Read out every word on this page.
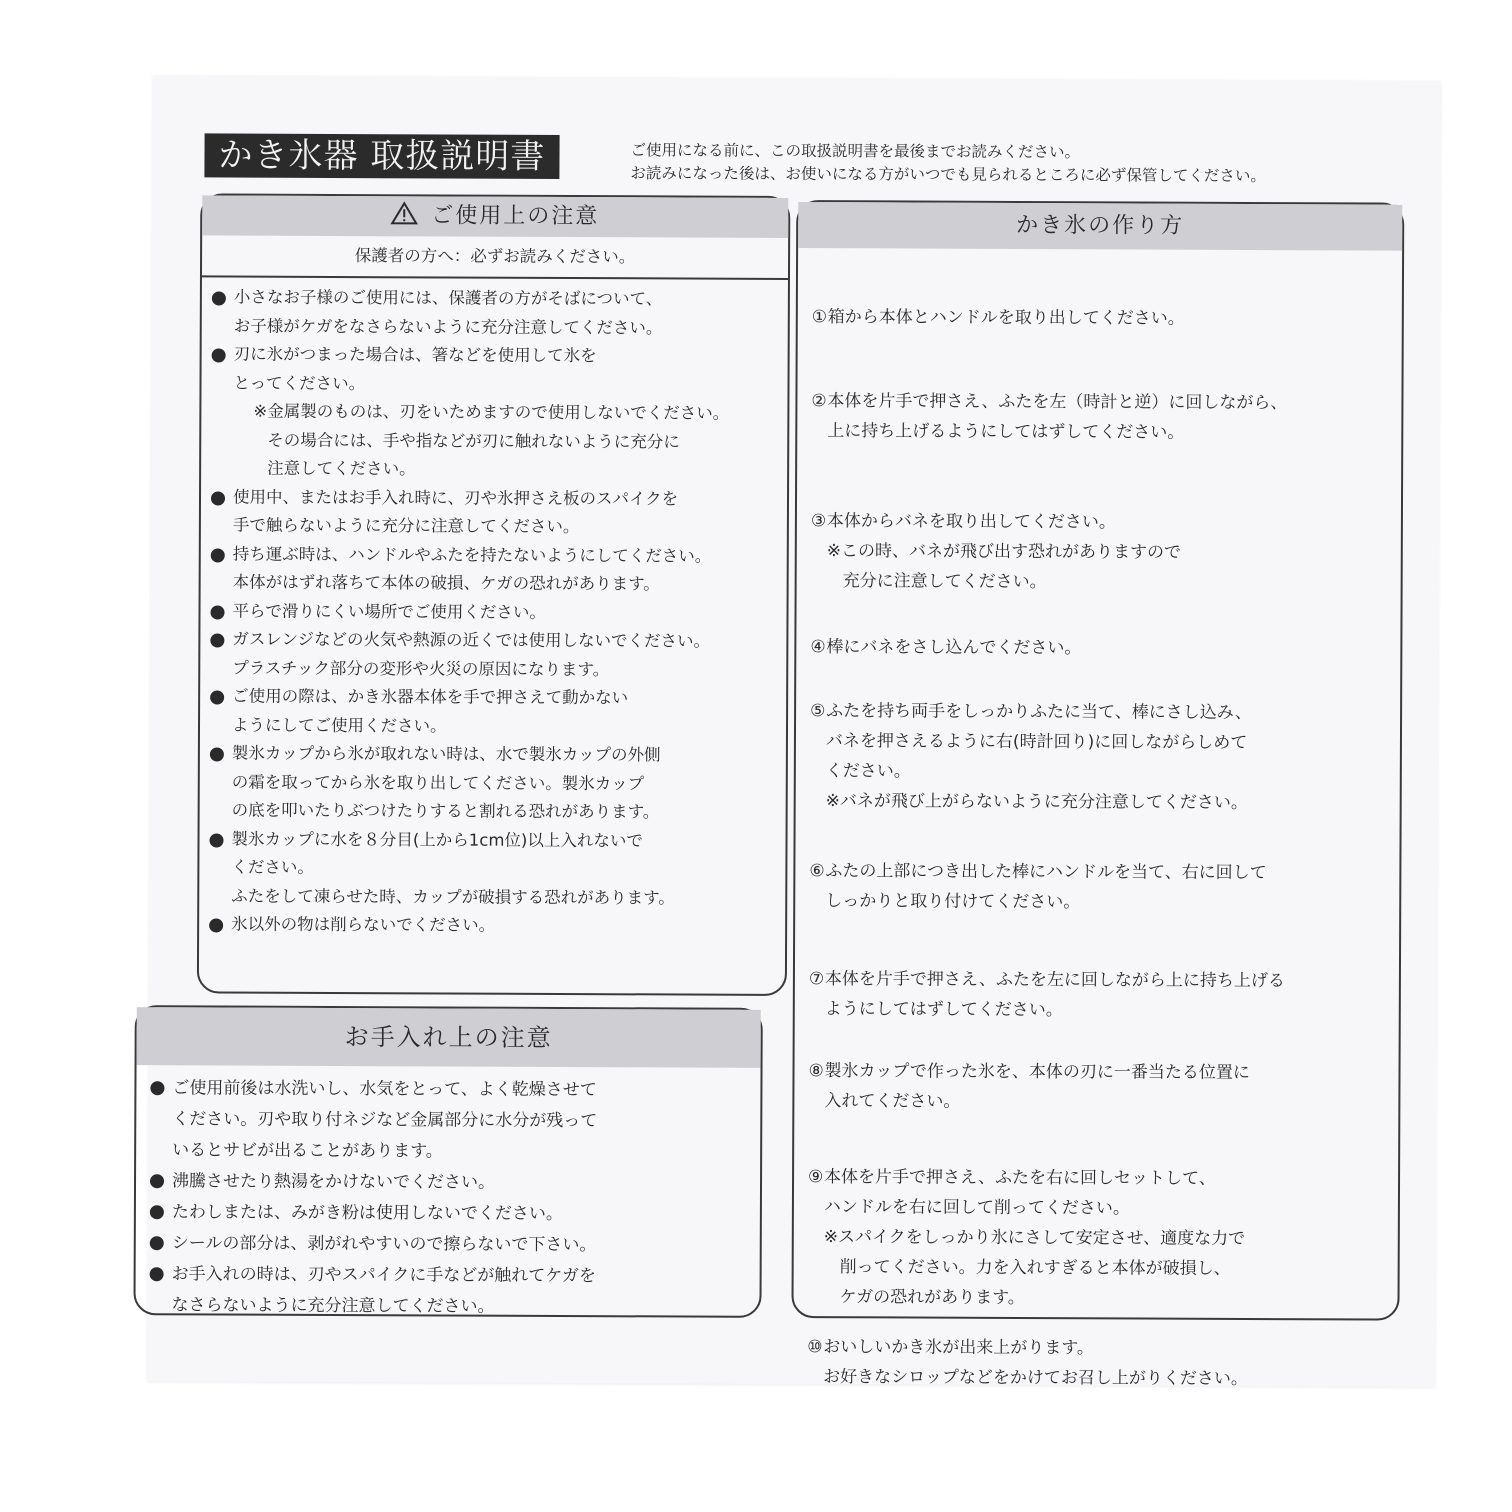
かき氷器 取扱説明書	ご使用になる前に、この取扱説明書を最後までお読みください。
お読みになった後は、お使いになる方がいつでも見られるところに必ず保管してください。
ご使用上の注意
保護者の方へ：必ずお読みください。
小さなお子様のご使用には、保護者の方がそばについて、
お子様がケガをなさらないように充分注意してください。
刃に氷がつまった場合は、箸などを使用して氷を
とってください。
※金属製のものは、刃をいためますので使用しないでください。
その場合には、手や指などが刃に触れないように充分に
注意してください。
使用中、またはお手入れ時に、刃や氷押さえ板のスパイクを
手で触らないように充分に注意してください。
持ち運ぶ時は、ハンドルやふたを持たないようにしてください。
本体がはずれ落ちて本体の破損、ケガの恐れがあります。
平らで滑りにくい場所でご使用ください。
ガスレンジなどの火気や熱源の近くでは使用しないでください。
プラスチック部分の変形や火災の原因になります。
ご使用の際は、かき氷器本体を手で押さえて動かない
ようにしてご使用ください。
製氷カップから氷が取れない時は、水で製氷カップの外側
の霜を取ってから氷を取り出してください。製氷カップ
の底を叩いたりぶつけたりすると割れる恐れがあります。
製氷カップに水を８分目(上から1cm位)以上入れないで
ください。
ふたをして凍らせた時、カップが破損する恐れがあります。
氷以外の物は削らないでください。
お手入れ上の注意
ご使用前後は水洗いし、水気をとって、よく乾燥させて
ください。刃や取り付ネジなど金属部分に水分が残って
いるとサビが出ることがあります。
沸騰させたり熱湯をかけないでください。
たわしまたは、みがき粉は使用しないでください。
シールの部分は、剥がれやすいので擦らないで下さい。
お手入れの時は、刃やスパイクに手などが触れてケガを
なさらないように充分注意してください。
かき氷の作り方
①箱から本体とハンドルを取り出してください。
②本体を片手で押さえ、ふたを左（時計と逆）に回しながら、
上に持ち上げるようにしてはずしてください。
③本体からバネを取り出してください。
※この時、バネが飛び出す恐れがありますので
充分に注意してください。
④棒にバネをさし込んでください。
⑤ふたを持ち両手をしっかりふたに当て、棒にさし込み、
バネを押さえるように右(時計回り)に回しながらしめて
ください。
※バネが飛び上がらないように充分注意してください。
⑥ふたの上部につき出した棒にハンドルを当て、右に回して
しっかりと取り付けてください。
⑦本体を片手で押さえ、ふたを左に回しながら上に持ち上げる
ようにしてはずしてください。
⑧製氷カップで作った氷を、本体の刃に一番当たる位置に
入れてください。
⑨本体を片手で押さえ、ふたを右に回しセットして、
ハンドルを右に回して削ってください。
※スパイクをしっかり氷にさして安定させ、適度な力で
削ってください。力を入れすぎると本体が破損し、
ケガの恐れがあります。
⑩おいしいかき氷が出来上がります。
お好きなシロップなどをかけてお召し上がりください。
